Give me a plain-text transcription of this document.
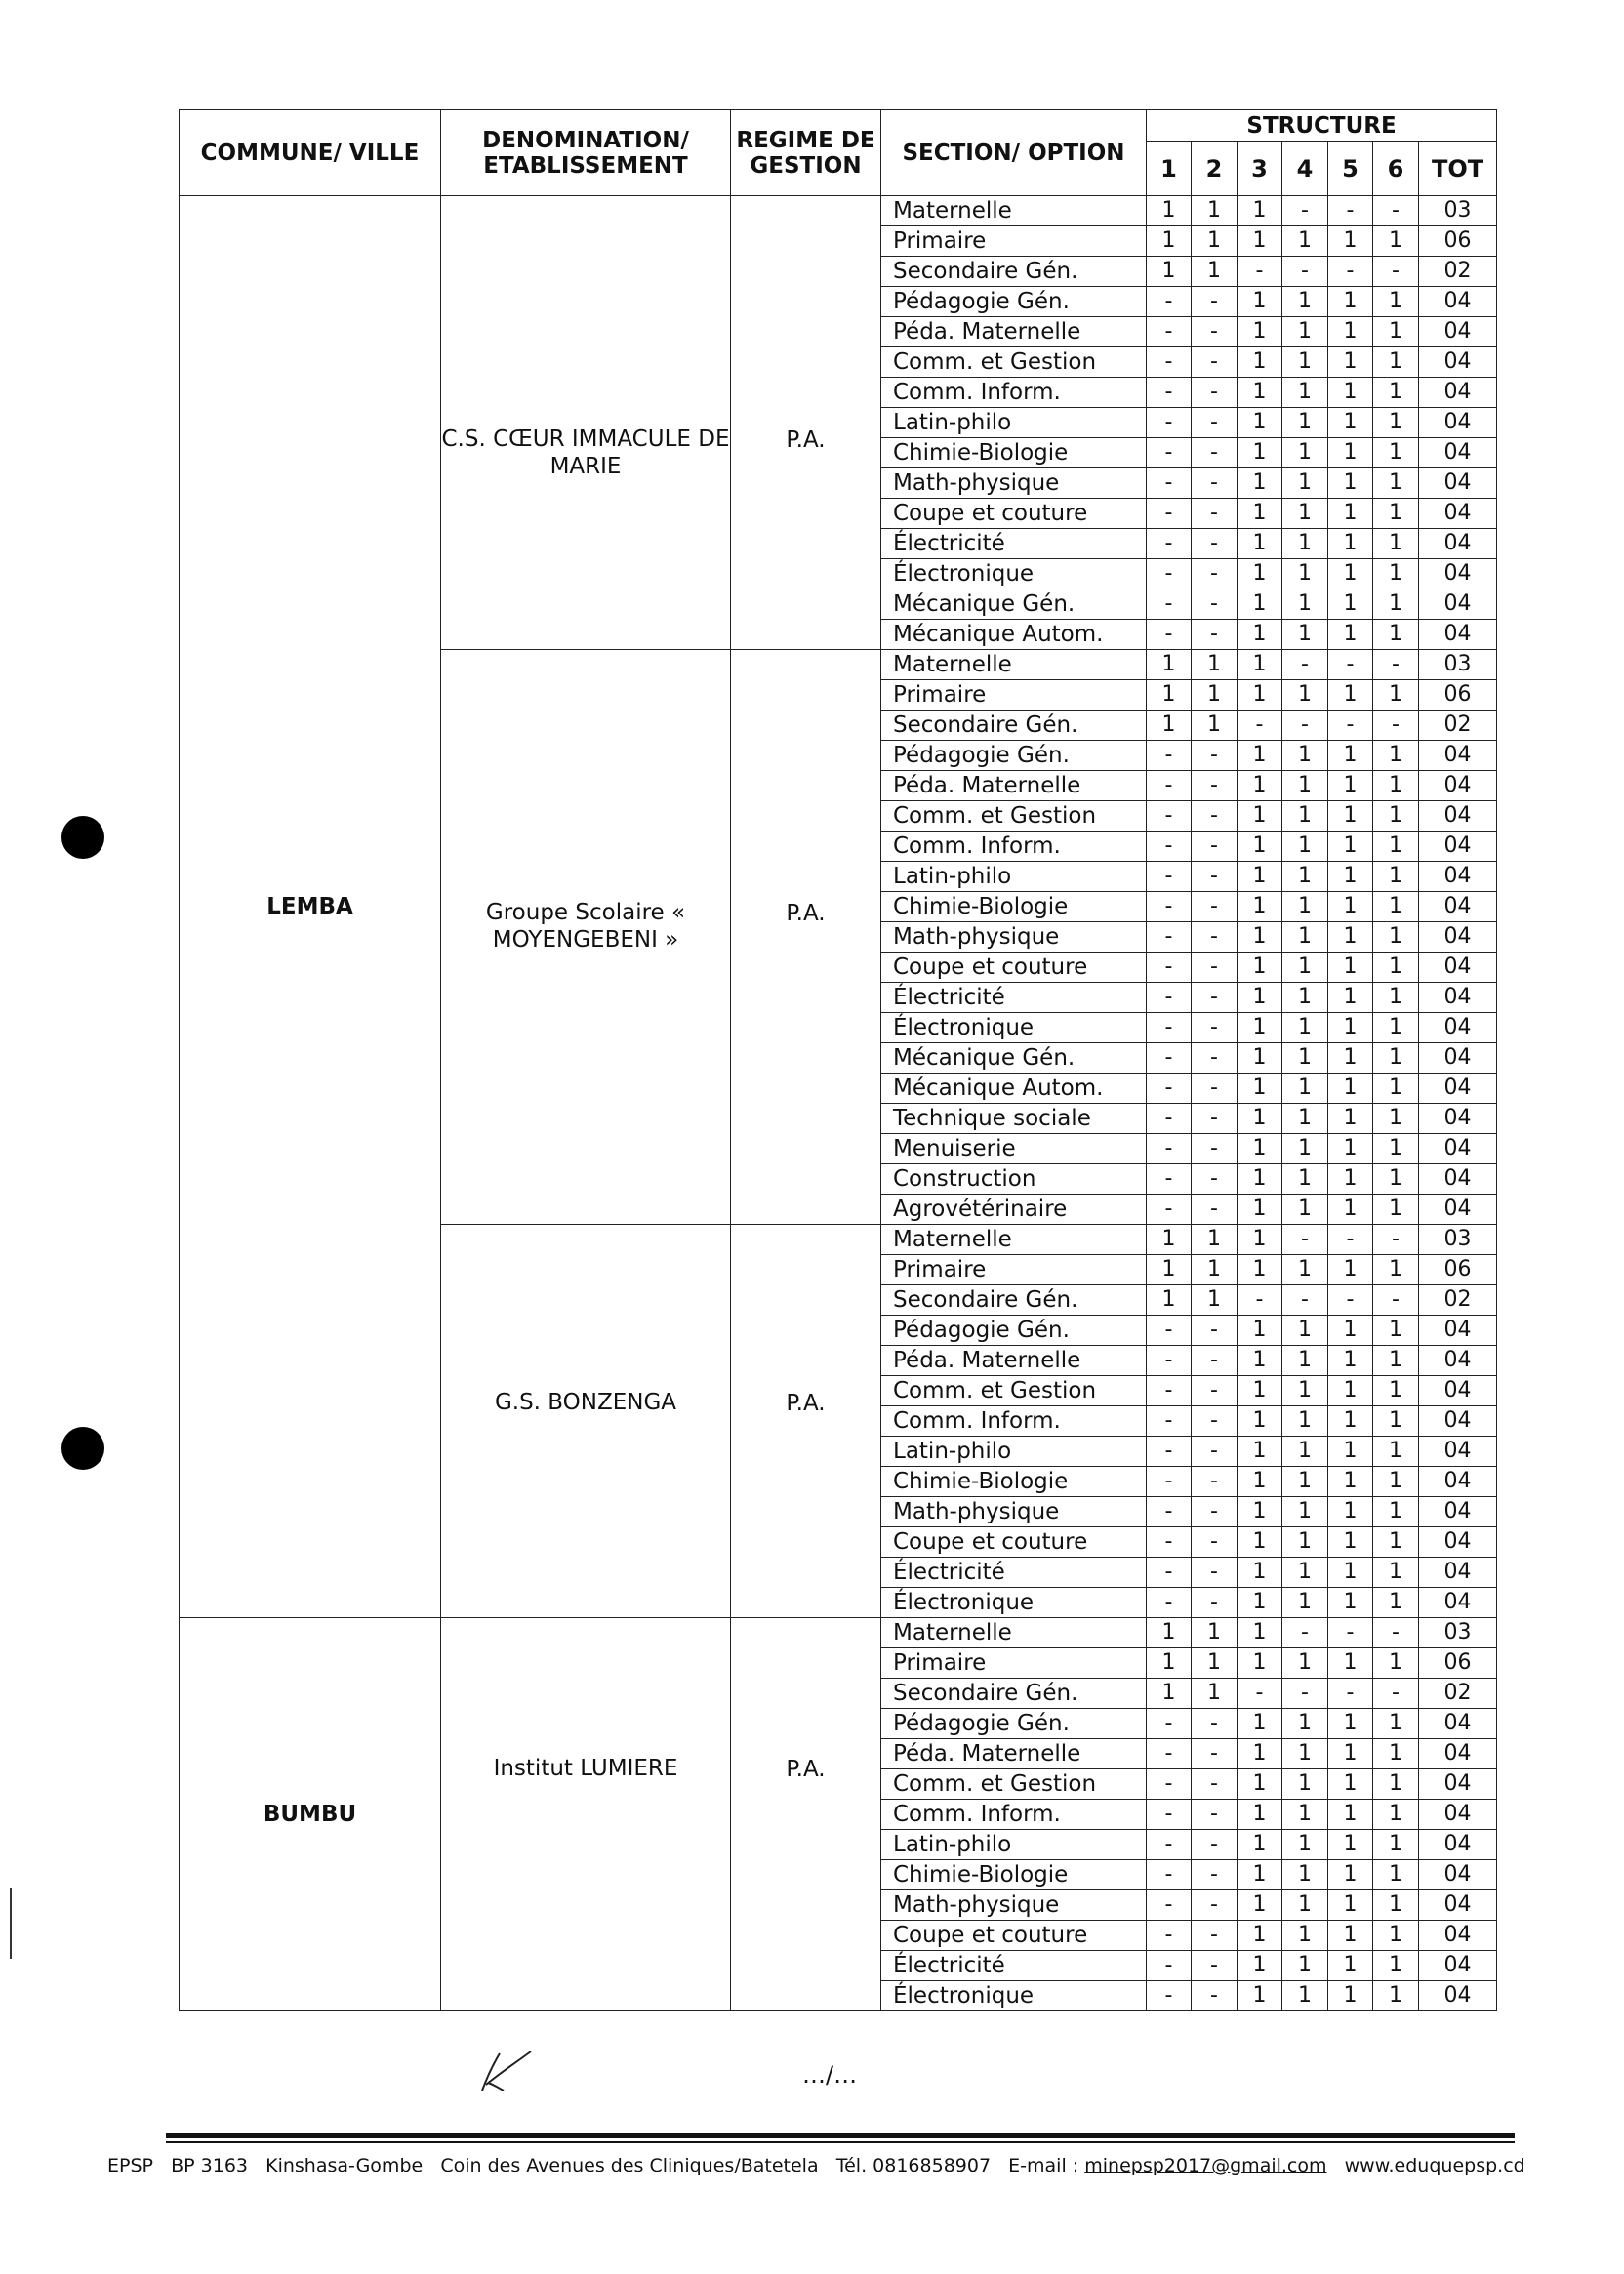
COMMUNE/ VILLE	DENOMINATION/ ETABLISSEMENT	REGIME DE GESTION	SECTION/ OPTION	STRUCTURE						
				1	2	3	4	5	6	TOT
LEMBA	C.S. CŒUR IMMACULE DE MARIE	P.A.	Maternelle	1	1	1	-	-	-	03
			Primaire	1	1	1	1	1	1	06
			Secondaire Gén.	1	1	-	-	-	-	02
			Pédagogie Gén.	-	-	1	1	1	1	04
			Péda. Maternelle	-	-	1	1	1	1	04
			Comm. et Gestion	-	-	1	1	1	1	04
			Comm. Inform.	-	-	1	1	1	1	04
			Latin-philo	-	-	1	1	1	1	04
			Chimie-Biologie	-	-	1	1	1	1	04
			Math-physique	-	-	1	1	1	1	04
			Coupe et couture	-	-	1	1	1	1	04
			Électricité	-	-	1	1	1	1	04
			Électronique	-	-	1	1	1	1	04
			Mécanique Gén.	-	-	1	1	1	1	04
			Mécanique Autom.	-	-	1	1	1	1	04

	Groupe Scolaire « MOYENGEBENI »	P.A.	Maternelle	1	1	1	-	-	-	03
			Primaire	1	1	1	1	1	1	06
			Secondaire Gén.	1	1	-	-	-	-	02
			Pédagogie Gén.	-	-	1	1	1	1	04
			Péda. Maternelle	-	-	1	1	1	1	04
			Comm. et Gestion	-	-	1	1	1	1	04
			Comm. Inform.	-	-	1	1	1	1	04
			Latin-philo	-	-	1	1	1	1	04
			Chimie-Biologie	-	-	1	1	1	1	04
			Math-physique	-	-	1	1	1	1	04
			Coupe et couture	-	-	1	1	1	1	04
			Électricité	-	-	1	1	1	1	04
			Électronique	-	-	1	1	1	1	04
			Mécanique Gén.	-	-	1	1	1	1	04
			Mécanique Autom.	-	-	1	1	1	1	04
			Technique sociale	-	-	1	1	1	1	04
			Menuiserie	-	-	1	1	1	1	04
			Construction	-	-	1	1	1	1	04
			Agrovétérinaire	-	-	1	1	1	1	04

	G.S. BONZENGA	P.A.	Maternelle	1	1	1	-	-	-	03
			Primaire	1	1	1	1	1	1	06
			Secondaire Gén.	1	1	-	-	-	-	02
			Pédagogie Gén.	-	-	1	1	1	1	04
			Péda. Maternelle	-	-	1	1	1	1	04
			Comm. et Gestion	-	-	1	1	1	1	04
			Comm. Inform.	-	-	1	1	1	1	04
			Latin-philo	-	-	1	1	1	1	04
			Chimie-Biologie	-	-	1	1	1	1	04
			Math-physique	-	-	1	1	1	1	04
			Coupe et couture	-	-	1	1	1	1	04
			Électricité	-	-	1	1	1	1	04
			Électronique	-	-	1	1	1	1	04
BUMBU	Institut LUMIERE	P.A.	Maternelle	1	1	1	-	-	-	03
			Primaire	1	1	1	1	1	1	06
			Secondaire Gén.	1	1	-	-	-	-	02
			Pédagogie Gén.	-	-	1	1	1	1	04
			Péda. Maternelle	-	-	1	1	1	1	04
			Comm. et Gestion	-	-	1	1	1	1	04
			Comm. Inform.	-	-	1	1	1	1	04
			Latin-philo	-	-	1	1	1	1	04
			Chimie-Biologie	-	-	1	1	1	1	04
			Math-physique	-	-	1	1	1	1	04
			Coupe et couture	-	-	1	1	1	1	04
			Électricité	-	-	1	1	1	1	04
			Électronique	-	-	1	1	1	1	04
…/…
EPSP BP 3163 Kinshasa-Gombe Coin des Avenues des Cliniques/Batetela Tél. 0816858907 E-mail : minepsp2017@gmail.com www.eduquepsp.cd
